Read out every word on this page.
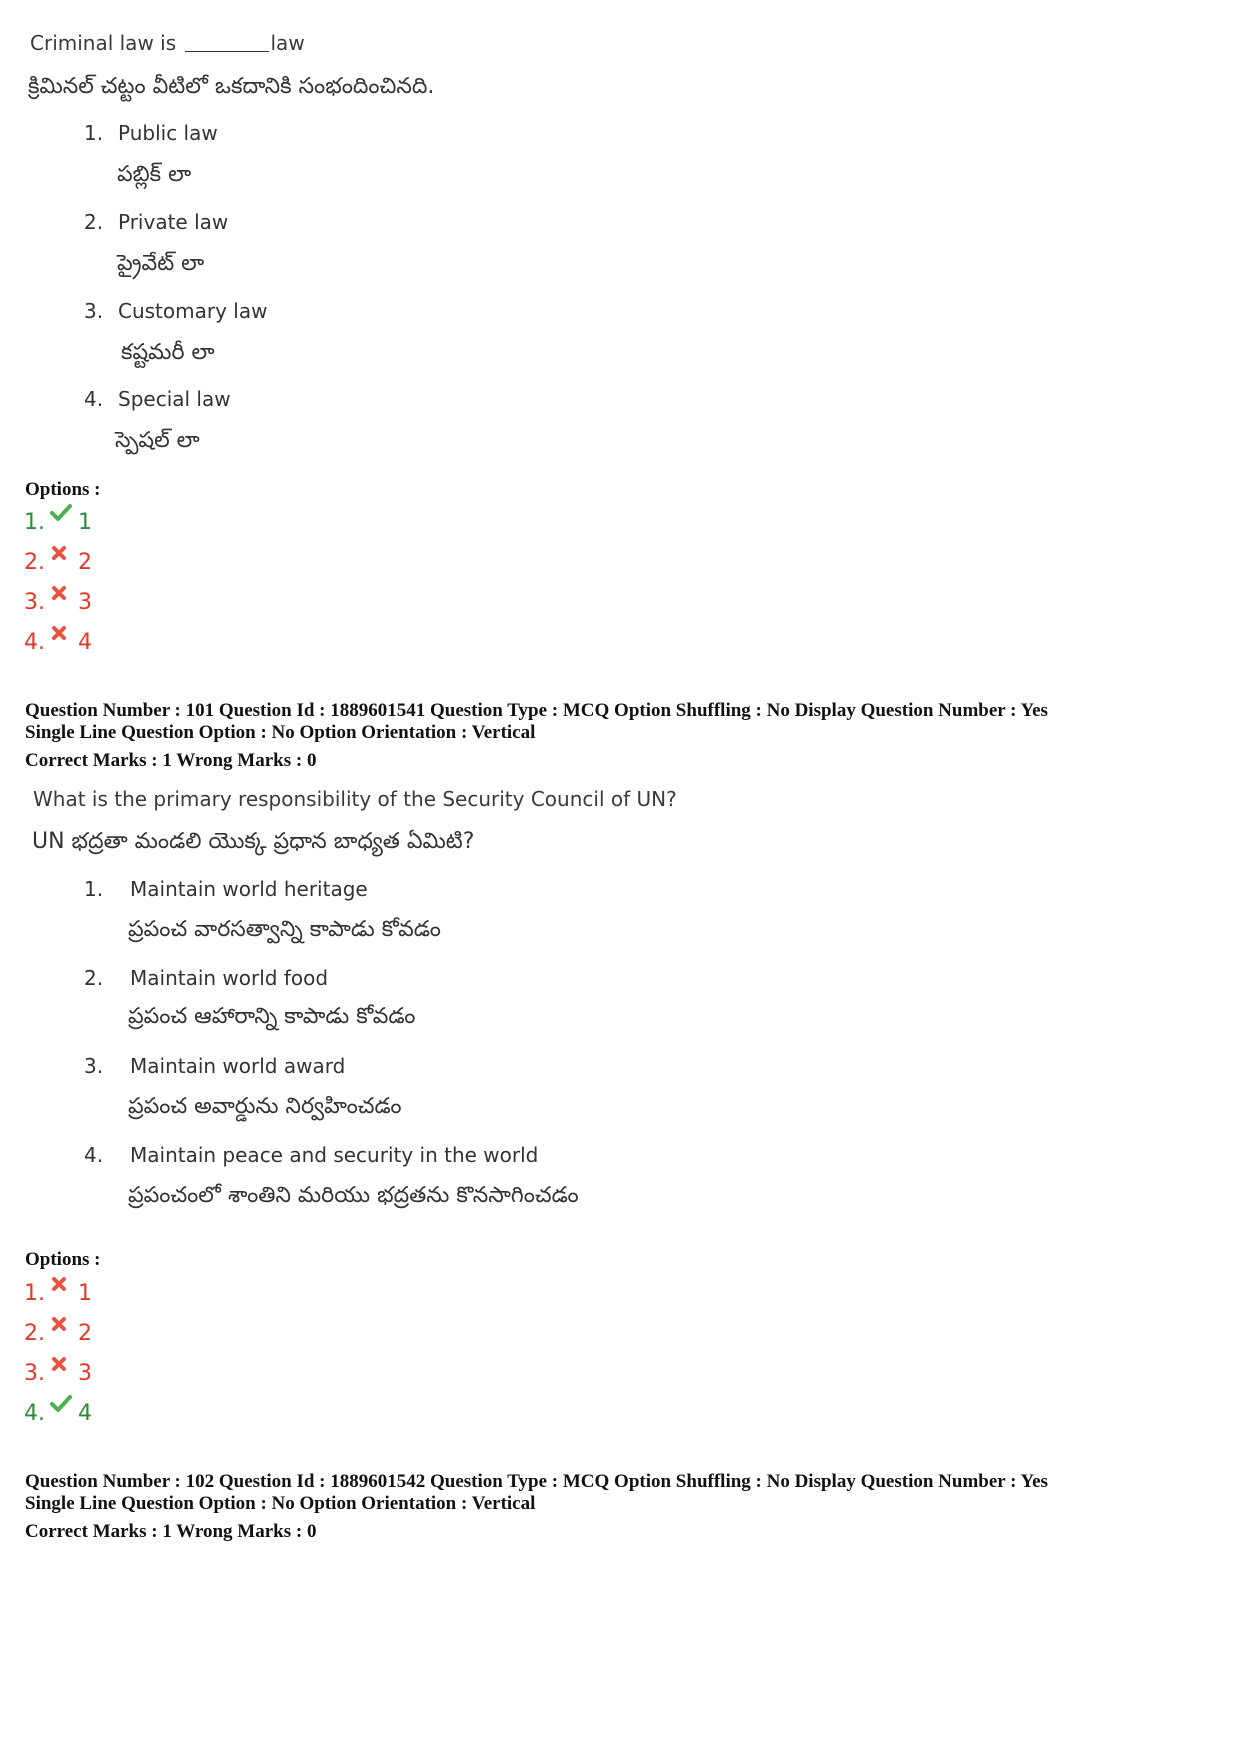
Criminal law is	law
క్రిమినల్ చట్టం వీటిలో ఒకదానికి సంభందించినది.
1. Public law
పబ్లిక్ లా
2. Private law
ప్రైవేట్ లా
3. Customary law
కష్టమరీ లా
4. Special law
స్పెషల్ లా
Options :
1. 1
2. 2
3. 3
4. 4
Question Number : 101 Question Id : 1889601541 Question Type : MCQ Option Shuffling : No Display Question Number : Yes
Single Line Question Option : No Option Orientation : Vertical
Correct Marks : 1 Wrong Marks : 0
What is the primary responsibility of the Security Council of UN?
UN భద్రతా మండలి యొక్క ప్రధాన బాధ్యత ఏమిటి?
1. Maintain world heritage
ప్రపంచ వారసత్వాన్ని కాపాడు కోవడం
2. Maintain world food
ప్రపంచ ఆహారాన్ని కాపాడు కోవడం
3. Maintain world award
ప్రపంచ అవార్డును నిర్వహించడం
4. Maintain peace and security in the world
ప్రపంచంలో శాంతిని మరియు భద్రతను కొనసాగించడం
Options :
1. 1
2. 2
3. 3
4. 4
Question Number : 102 Question Id : 1889601542 Question Type : MCQ Option Shuffling : No Display Question Number : Yes
Single Line Question Option : No Option Orientation : Vertical
Correct Marks : 1 Wrong Marks : 0
